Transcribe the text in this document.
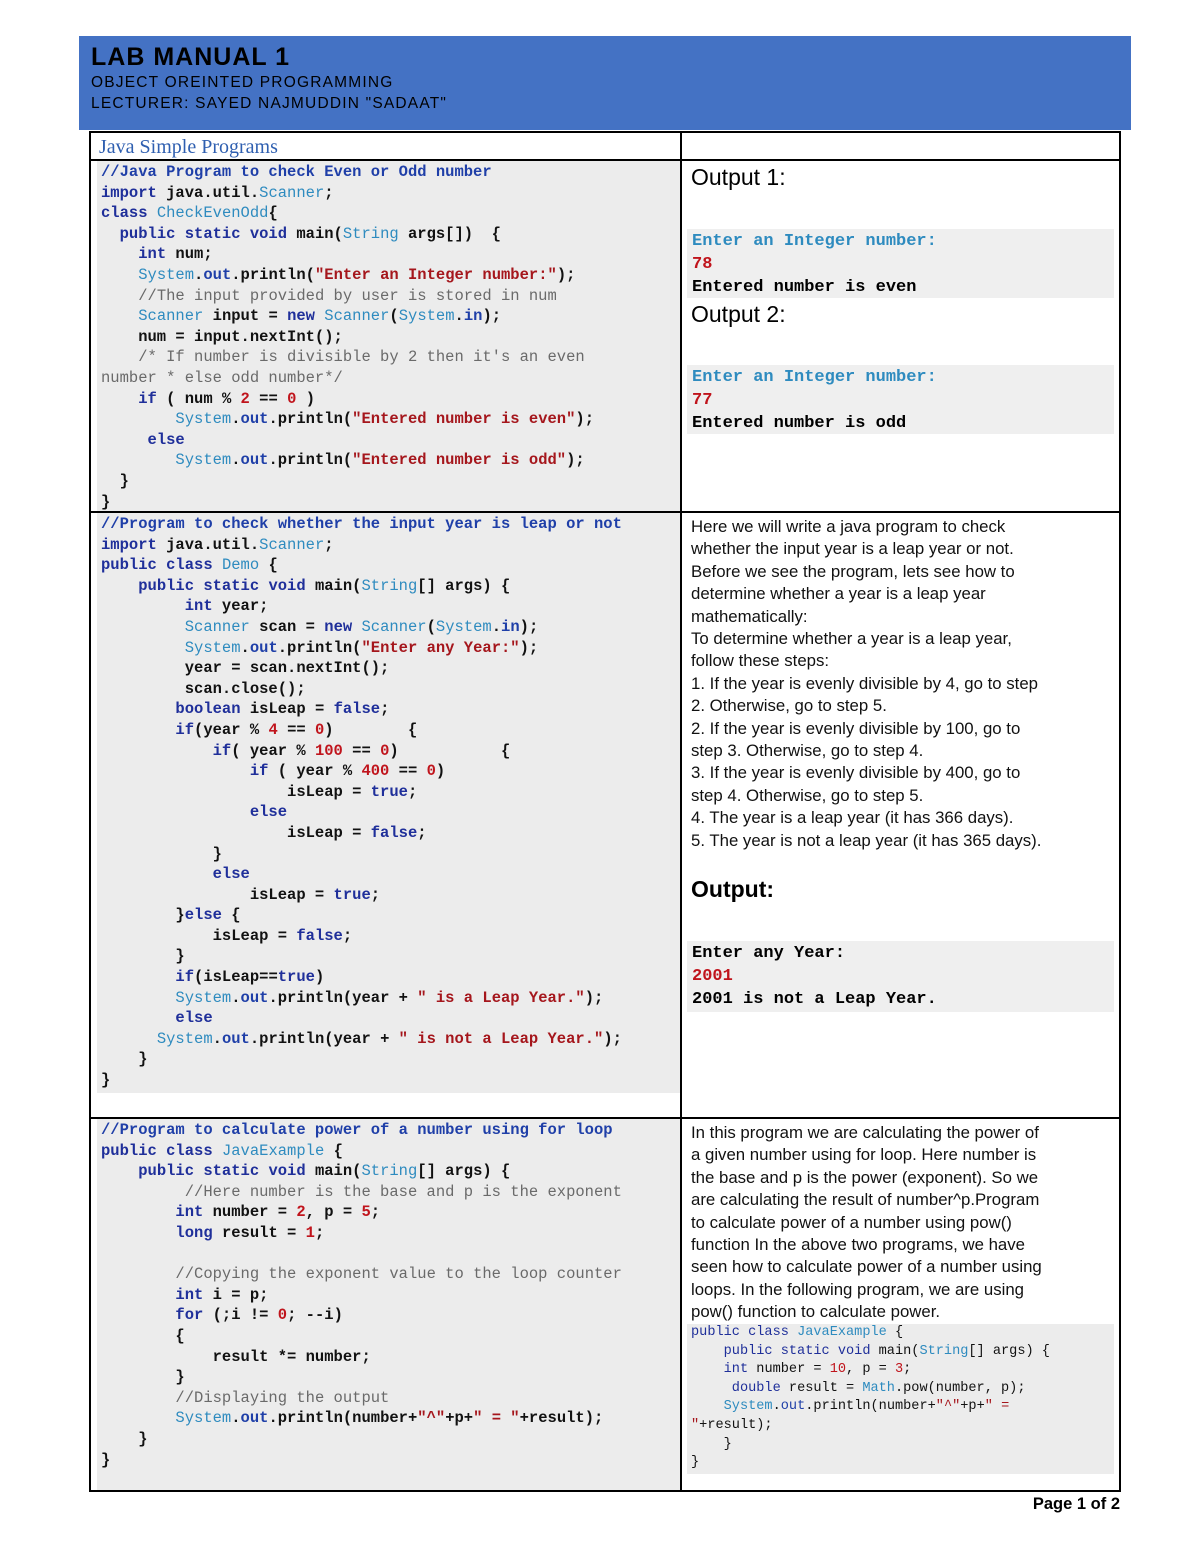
LAB MANUAL 1
OBJECT OREINTED PROGRAMMING
LECTURER: SAYED NAJMUDDIN "SADAAT"
Java Simple Programs
//Java Program to check Even or Odd number
import java.util.Scanner;
class CheckEvenOdd{
public static void main(String args[])  {
int num;
System.out.println("Enter an Integer number:");
//The input provided by user is stored in num
Scanner input = new Scanner(System.in);
num = input.nextInt();
/* If number is divisible by 2 then it's an even
number * else odd number*/
if ( num % 2 == 0 )
System.out.println("Entered number is even");
else
System.out.println("Entered number is odd");
}
}
Output 1:
Enter an Integer number:
78
Entered number is even
Output 2:
Enter an Integer number:
77
Entered number is odd
//Program to check whether the input year is leap or not
import java.util.Scanner;
public class Demo {
public static void main(String[] args) {
int year;
Scanner scan = new Scanner(System.in);
System.out.println("Enter any Year:");
year = scan.nextInt();
scan.close();
boolean isLeap = false;
if(year % 4 == 0)        {
if( year % 100 == 0)           {
if ( year % 400 == 0)
isLeap = true;
else
isLeap = false;
}
else
isLeap = true;
}else {
isLeap = false;
}
if(isLeap==true)
System.out.println(year + " is a Leap Year.");
else
System.out.println(year + " is not a Leap Year.");
}
}
Here we will write a java program to check
whether the input year is a leap year or not.
Before we see the program, lets see how to
determine whether a year is a leap year
mathematically:
To determine whether a year is a leap year,
follow these steps:
1. If the year is evenly divisible by 4, go to step
2. Otherwise, go to step 5.
2. If the year is evenly divisible by 100, go to
step 3. Otherwise, go to step 4.
3. If the year is evenly divisible by 400, go to
step 4. Otherwise, go to step 5.
4. The year is a leap year (it has 366 days).
5. The year is not a leap year (it has 365 days).
Output:
Enter any Year:
2001
2001 is not a Leap Year.
//Program to calculate power of a number using for loop
public class JavaExample {
public static void main(String[] args) {
//Here number is the base and p is the exponent
int number = 2, p = 5;
long result = 1;

//Copying the exponent value to the loop counter
int i = p;
for (;i != 0; --i)
{
result *= number;
}
//Displaying the output
System.out.println(number+"^"+p+" = "+result);
}
}
In this program we are calculating the power of
a given number using for loop. Here number is
the base and p is the power (exponent). So we
are calculating the result of number^p.Program
to calculate power of a number using pow()
function In the above two programs, we have
seen how to calculate power of a number using
loops. In the following program, we are using
pow() function to calculate power.
public class JavaExample {
public static void main(String[] args) {
int number = 10, p = 3;
double result = Math.pow(number, p);
System.out.println(number+"^"+p+" =
"+result);
}
}
Page 1 of 2
